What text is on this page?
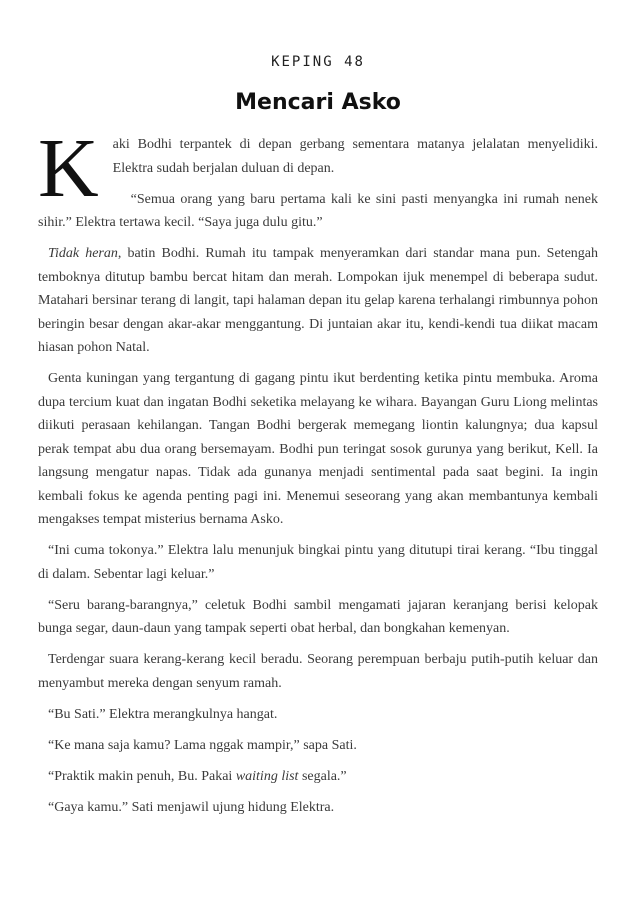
KEPING 48
Mencari Asko
K	aki Bodhi terpantek di depan gerbang sementara matanya jelalatan menyelidiki. Elektra sudah berjalan duluan di depan.

“Semua orang yang baru pertama kali ke sini pasti menyangka ini rumah nenek sihir.” Elektra tertawa kecil. “Saya juga dulu gitu.”

Tidak heran, batin Bodhi. Rumah itu tampak menyeramkan dari standar mana pun. Setengah temboknya ditutup bambu bercat hitam dan merah. Lompokan ijuk menempel di beberapa sudut. Matahari bersinar terang di langit, tapi halaman depan itu gelap karena terhalangi rimbunnya pohon beringin besar dengan akar-akar menggantung. Di juntaian akar itu, kendi-kendi tua diikat macam hiasan pohon Natal.

Genta kuningan yang tergantung di gagang pintu ikut berdenting ketika pintu membuka. Aroma dupa tercium kuat dan ingatan Bodhi seketika melayang ke wihara. Bayangan Guru Liong melintas diikuti perasaan kehilangan. Tangan Bodhi bergerak memegang liontin kalungnya; dua kapsul perak tempat abu dua orang bersemayam. Bodhi pun teringat sosok gurunya yang berikut, Kell. Ia langsung mengatur napas. Tidak ada gunanya menjadi sentimental pada saat begini. Ia ingin kembali fokus ke agenda penting pagi ini. Menemui seseorang yang akan membantunya kembali mengakses tempat misterius bernama Asko.

“Ini cuma tokonya.” Elektra lalu menunjuk bingkai pintu yang ditutupi tirai kerang. “Ibu tinggal di dalam. Sebentar lagi keluar.”

“Seru barang-barangnya,” celetuk Bodhi sambil mengamati jajaran keranjang berisi kelopak bunga segar, daun-daun yang tampak seperti obat herbal, dan bongkahan kemenyan.

Terdengar suara kerang-kerang kecil beradu. Seorang perempuan berbaju putih-putih keluar dan menyambut mereka dengan senyum ramah.

“Bu Sati.” Elektra merangkulnya hangat.

“Ke mana saja kamu? Lama nggak mampir,” sapa Sati.

“Praktik makin penuh, Bu. Pakai waiting list segala.”

“Gaya kamu.” Sati menjawil ujung hidung Elektra.
